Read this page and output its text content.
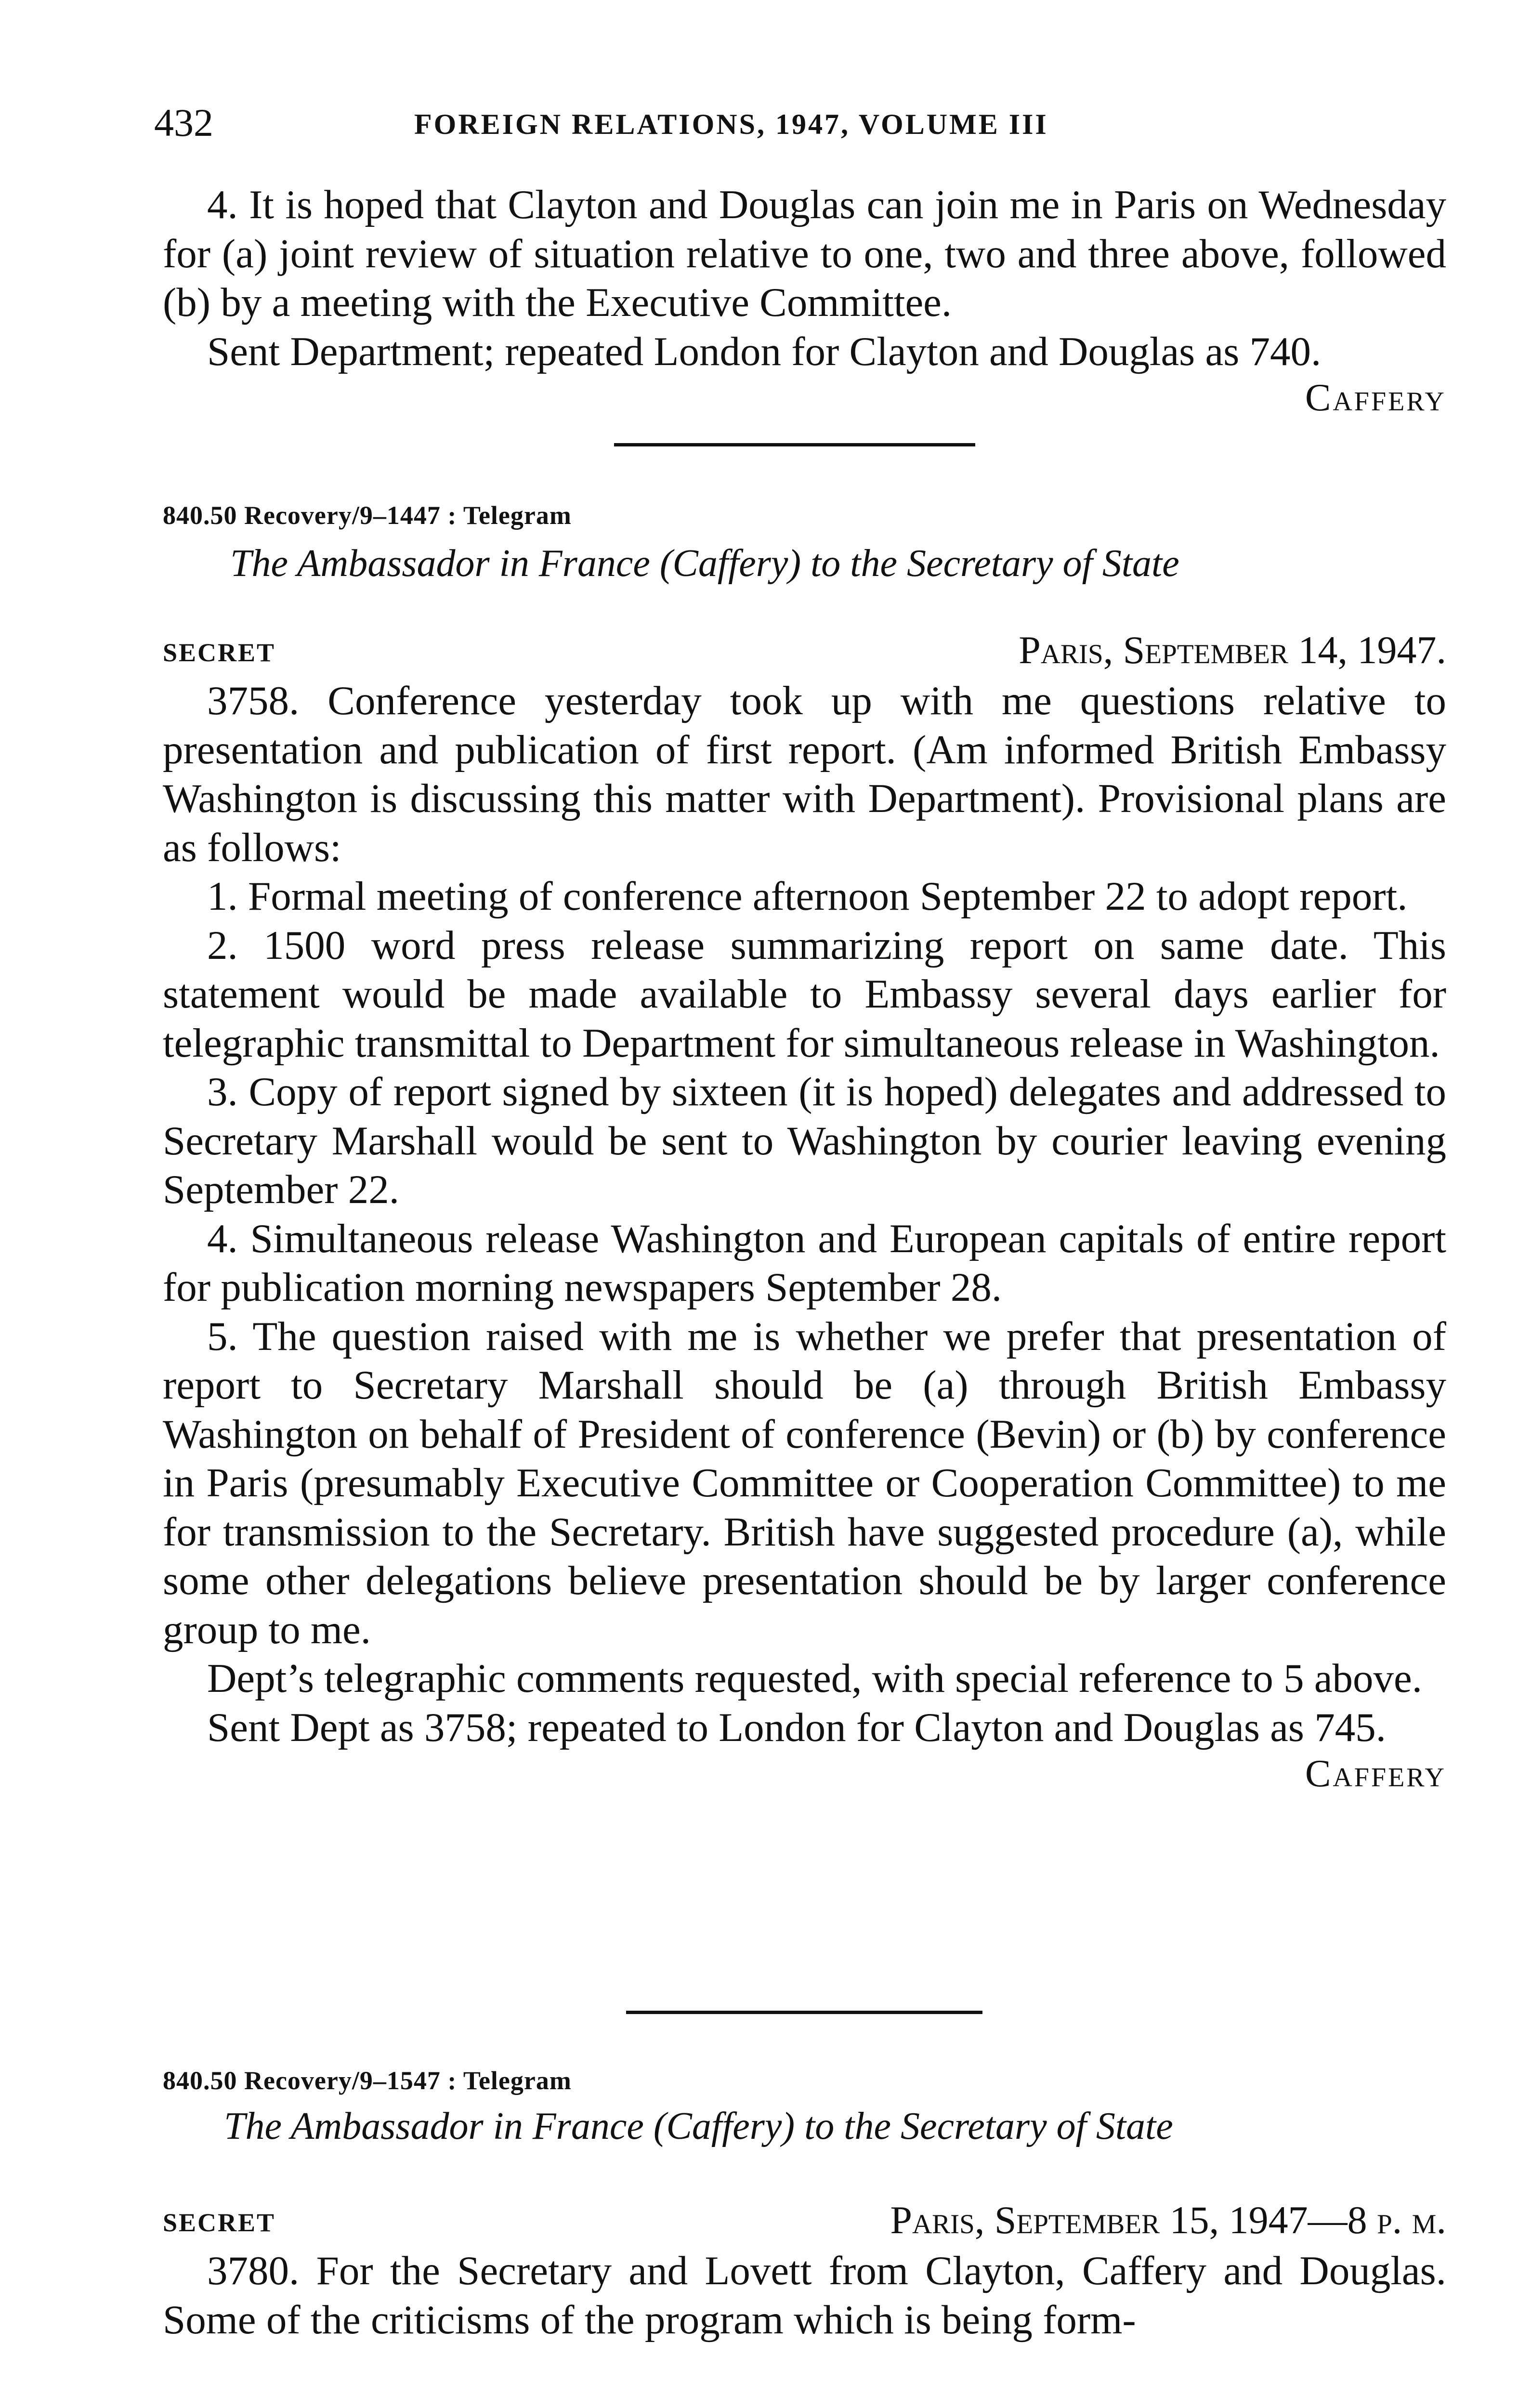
432	FOREIGN RELATIONS, 1947, VOLUME III

4. It is hoped that Clayton and Douglas can join me in Paris on Wednesday for (a) joint review of situation relative to one, two and three above, followed (b) by a meeting with the Executive Committee.

Sent Department; repeated London for Clayton and Douglas as 740.

Caffery

840.50 Recovery/9–1447 : Telegram
The Ambassador in France (Caffery) to the Secretary of State
SECRET	Paris, September 14, 1947.

3758. Conference yesterday took up with me questions relative to presentation and publication of first report. (Am informed British Embassy Washington is discussing this matter with Department). Provisional plans are as follows:

1. Formal meeting of conference afternoon September 22 to adopt report.

2. 1500 word press release summarizing report on same date. This statement would be made available to Embassy several days earlier for telegraphic transmittal to Department for simultaneous release in Washington.

3. Copy of report signed by sixteen (it is hoped) delegates and addressed to Secretary Marshall would be sent to Washington by courier leaving evening September 22.

4. Simultaneous release Washington and European capitals of entire report for publication morning newspapers September 28.

5. The question raised with me is whether we prefer that presentation of report to Secretary Marshall should be (a) through British Embassy Washington on behalf of President of conference (Bevin) or (b) by conference in Paris (presumably Executive Committee or Cooperation Committee) to me for transmission to the Secretary. British have suggested procedure (a), while some other delegations believe presentation should be by larger conference group to me.

Dept’s telegraphic comments requested, with special reference to 5 above.

Sent Dept as 3758; repeated to London for Clayton and Douglas as 745.

Caffery

840.50 Recovery/9–1547 : Telegram
The Ambassador in France (Caffery) to the Secretary of State
SECRET	Paris, September 15, 1947—8 p. m.

3780. For the Secretary and Lovett from Clayton, Caffery and Douglas. Some of the criticisms of the program which is being form-
